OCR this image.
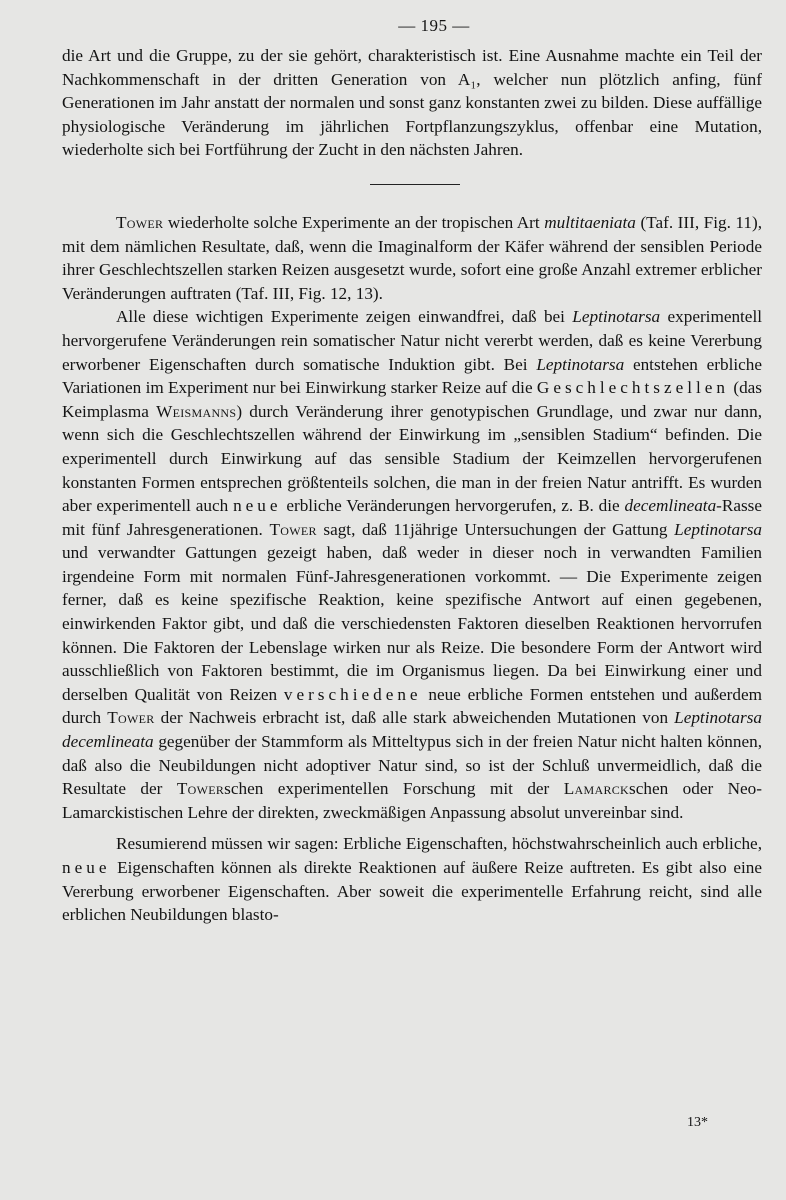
— 195 —

die Art und die Gruppe, zu der sie gehört, charakteristisch ist. Eine Ausnahme machte ein Teil der Nachkommenschaft in der dritten Generation von A₁, welcher nun plötzlich anfing, fünf Generationen im Jahr anstatt der normalen und sonst ganz konstanten zwei zu bilden. Diese auffällige physiologische Veränderung im jährlichen Fortpflanzungszyklus, offenbar eine Mutation, wiederholte sich bei Fortführung der Zucht in den nächsten Jahren.

Tower wiederholte solche Experimente an der tropischen Art multitaeniata (Taf. III, Fig. 11), mit dem nämlichen Resultate, daß, wenn die Imaginalform der Käfer während der sensiblen Periode ihrer Geschlechtszellen starken Reizen ausgesetzt wurde, sofort eine große Anzahl extremer erblicher Veränderungen auftraten (Taf. III, Fig. 12, 13).

Alle diese wichtigen Experimente zeigen einwandfrei, daß bei Leptinotarsa experimentell hervorgerufene Veränderungen rein somatischer Natur nicht vererbt werden, daß es keine Vererbung erworbener Eigenschaften durch somatische Induktion gibt. Bei Leptinotarsa entstehen erbliche Variationen im Experiment nur bei Einwirkung starker Reize auf die Geschlechtszellen (das Keimplasma Weismanns) durch Veränderung ihrer genotypischen Grundlage, und zwar nur dann, wenn sich die Geschlechtszellen während der Einwirkung im „sensiblen Stadium“ befinden. Die experimentell durch Einwirkung auf das sensible Stadium der Keimzellen hervorgerufenen konstanten Formen entsprechen größtenteils solchen, die man in der freien Natur antrifft. Es wurden aber experimentell auch neue erbliche Veränderungen hervorgerufen, z. B. die decemlineata-Rasse mit fünf Jahresgenerationen. Tower sagt, daß 11jährige Untersuchungen der Gattung Leptinotarsa und verwandter Gattungen gezeigt haben, daß weder in dieser noch in verwandten Familien irgendeine Form mit normalen Fünf-Jahresgenerationen vorkommt. — Die Experimente zeigen ferner, daß es keine spezifische Reaktion, keine spezifische Antwort auf einen gegebenen, einwirkenden Faktor gibt, und daß die verschiedensten Faktoren dieselben Reaktionen hervorrufen können. Die Faktoren der Lebenslage wirken nur als Reize. Die besondere Form der Antwort wird ausschließlich von Faktoren bestimmt, die im Organismus liegen. Da bei Einwirkung einer und derselben Qualität von Reizen verschiedene neue erbliche Formen entstehen und außerdem durch Tower der Nachweis erbracht ist, daß alle stark abweichenden Mutationen von Leptinotarsa decemlineata gegenüber der Stammform als Mitteltypus sich in der freien Natur nicht halten können, daß also die Neubildungen nicht adoptiver Natur sind, so ist der Schluß unvermeidlich, daß die Resultate der Towerschen experimentellen Forschung mit der Lamarckschen oder Neo-Lamarckistischen Lehre der direkten, zweckmäßigen Anpassung absolut unvereinbar sind.

Resumierend müssen wir sagen: Erbliche Eigenschaften, höchstwahrscheinlich auch erbliche, neue Eigenschaften können als direkte Reaktionen auf äußere Reize auftreten. Es gibt also eine Vererbung erworbener Eigenschaften. Aber soweit die experimentelle Erfahrung reicht, sind alle erblichen Neubildungen blasto-

13*
